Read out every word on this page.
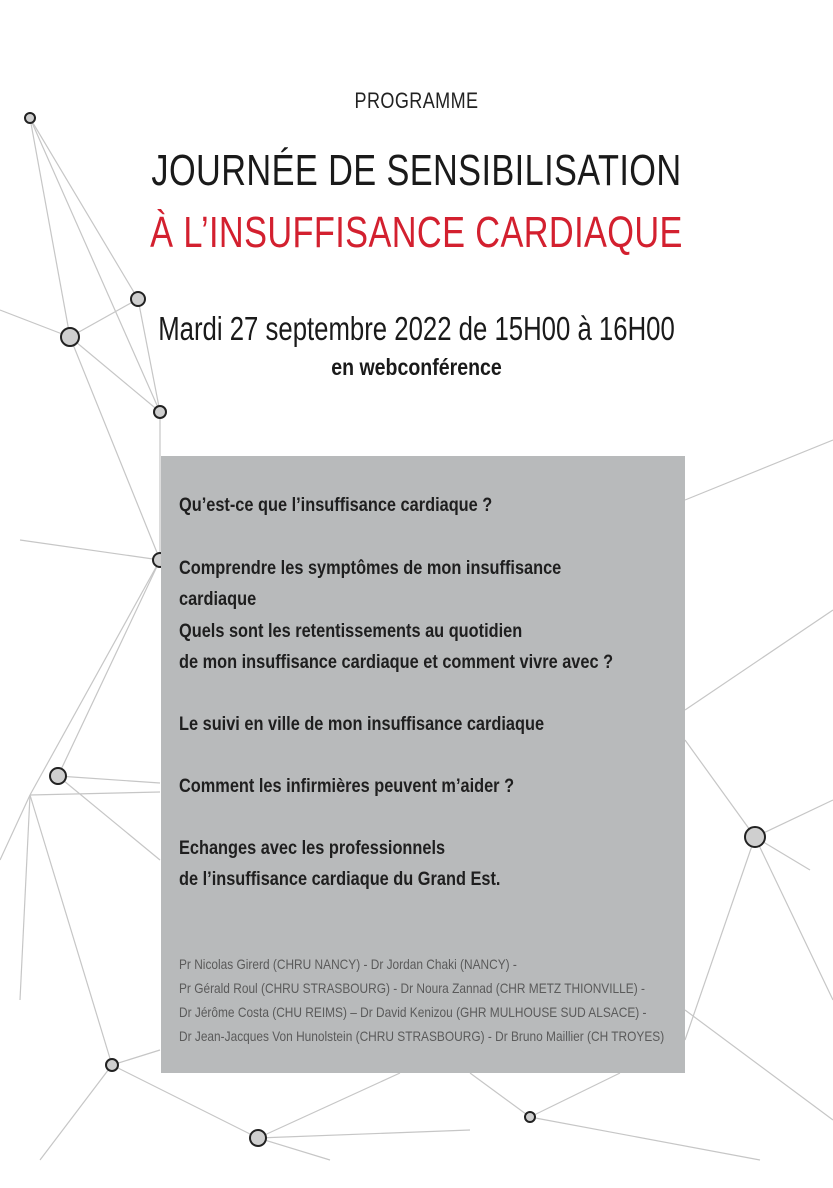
PROGRAMME
JOURNÉE DE SENSIBILISATION
À L’INSUFFISANCE CARDIAQUE
Mardi 27 septembre 2022 de 15H00 à 16H00
en webconférence
Qu’est-ce que l’insuffisance cardiaque ?
Comprendre les symptômes de mon insuffisance cardiaque
Quels sont les retentissements au quotidien
de mon insuffisance cardiaque et comment vivre avec ?
Le suivi en ville de mon insuffisance cardiaque
Comment les infirmières peuvent m’aider ?
Echanges avec les professionnels
de l’insuffisance cardiaque du Grand Est.
Pr Nicolas Girerd (CHRU NANCY) - Dr Jordan Chaki (NANCY) -
Pr Gérald Roul (CHRU STRASBOURG) - Dr Noura Zannad (CHR METZ THIONVILLE) -
Dr Jérôme Costa (CHU REIMS) – Dr David Kenizou (GHR MULHOUSE SUD ALSACE) -
Dr Jean-Jacques Von Hunolstein (CHRU STRASBOURG) - Dr Bruno Maillier (CH TROYES)
